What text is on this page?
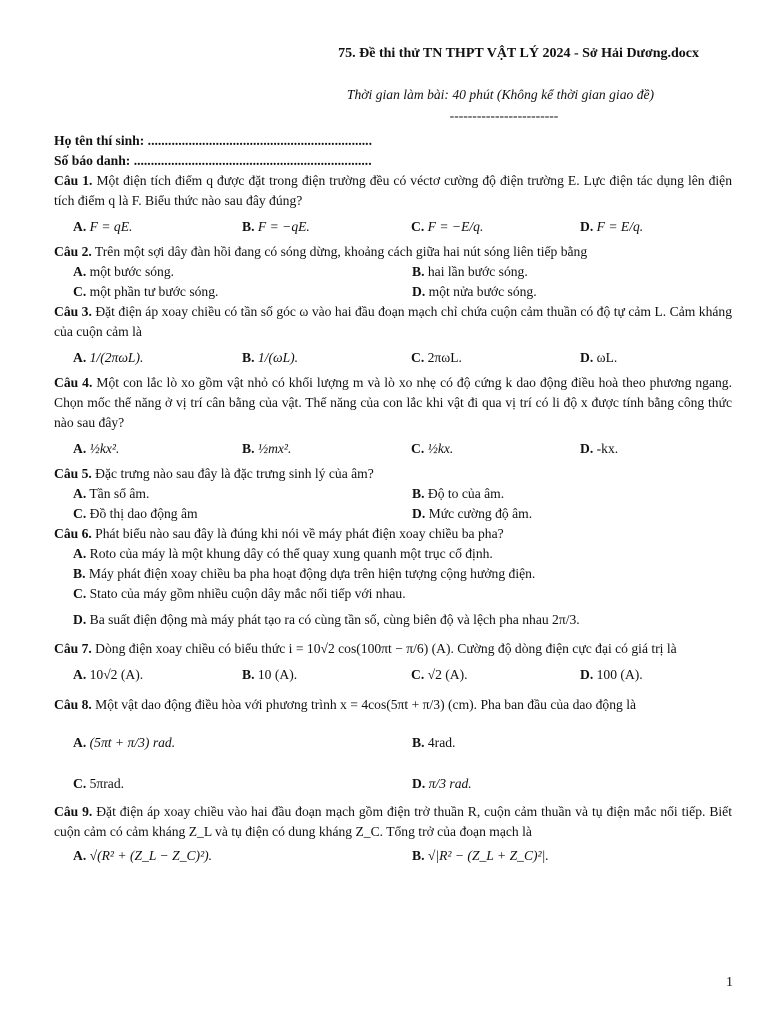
75. Đề thi thử TN THPT VẬT LÝ 2024 - Sở Hải Dương.docx
Thời gian làm bài: 40 phút (Không kể thời gian giao đề)
------------------------
Họ tên thí sinh: ..................................................................
Số báo danh: ......................................................................
Câu 1. Một điện tích điểm q được đặt trong điện trường đều có véctơ cường độ điện trường E. Lực điện tác dụng lên điện tích điểm q là F. Biểu thức nào sau đây đúng?
A. F = qE.	B. F = −qE.	C. F = −E/q.	D. F = E/q.
Câu 2. Trên một sợi dây đàn hồi đang có sóng dừng, khoảng cách giữa hai nút sóng liên tiếp bằng
A. một bước sóng.	B. hai lần bước sóng.
C. một phần tư bước sóng.	D. một nửa bước sóng.
Câu 3. Đặt điện áp xoay chiều có tần số góc ω vào hai đầu đoạn mạch chỉ chứa cuộn cảm thuần có độ tự cảm L. Cảm kháng của cuộn cảm là
A. 1/(2πωL).	B. 1/(ωL).	C. 2πωL.	D. ωL.
Câu 4. Một con lắc lò xo gồm vật nhỏ có khối lượng m và lò xo nhẹ có độ cứng k dao động điều hoà theo phương ngang. Chọn mốc thế năng ở vị trí cân bằng của vật. Thế năng của con lắc khi vật đi qua vị trí có li độ x được tính bằng công thức nào sau đây?
A. ½kx².	B. ½mx².	C. ½kx.	D. -kx.
Câu 5. Đặc trưng nào sau đây là đặc trưng sinh lý của âm?
A. Tần số âm.	B. Độ to của âm.
C. Đồ thị dao động âm	D. Mức cường độ âm.
Câu 6. Phát biểu nào sau đây là đúng khi nói về máy phát điện xoay chiều ba pha?
A. Roto của máy là một khung dây có thể quay xung quanh một trục cố định.
B. Máy phát điện xoay chiều ba pha hoạt động dựa trên hiện tượng cộng hưởng điện.
C. Stato của máy gồm nhiều cuộn dây mắc nối tiếp với nhau.
D. Ba suất điện động mà máy phát tạo ra có cùng tần số, cùng biên độ và lệch pha nhau 2π/3.
Câu 7. Dòng điện xoay chiều có biểu thức i = 10√2 cos(100πt − π/6) (A). Cường độ dòng điện cực đại có giá trị là
A. 10√2 (A).	B. 10 (A).	C. √2 (A).	D. 100 (A).
Câu 8. Một vật dao động điều hòa với phương trình x = 4cos(5πt + π/3) (cm). Pha ban đầu của dao động là
A. (5πt + π/3) rad.	B. 4rad.
C. 5πrad.	D. π/3 rad.
Câu 9. Đặt điện áp xoay chiều vào hai đầu đoạn mạch gồm điện trở thuần R, cuộn cảm thuần và tụ điện mắc nối tiếp. Biết cuộn cảm có cảm kháng Z_L và tụ điện có dung kháng Z_C. Tổng trở của đoạn mạch là
A. √(R² + (Z_L − Z_C)²).	B. √|R² − (Z_L + Z_C)²|.
1
